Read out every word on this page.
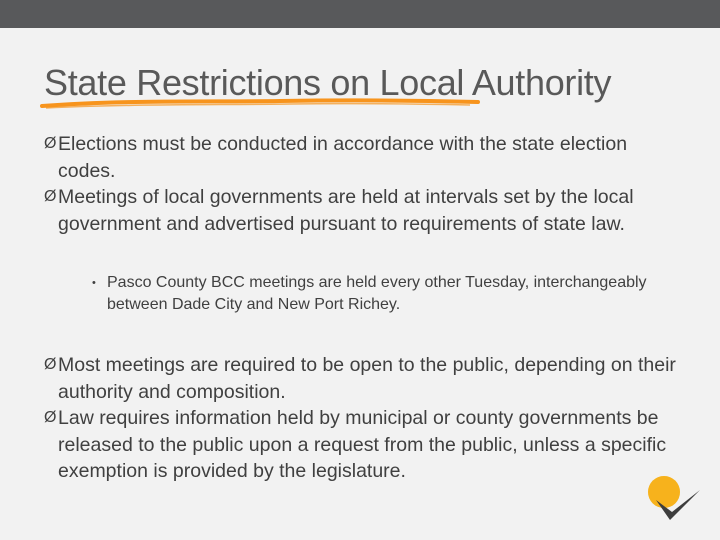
State Restrictions on Local Authority
Ø Elections must be conducted in accordance with the state election codes.
Ø Meetings of local governments are held at intervals set by the local government and advertised pursuant to requirements of state law.
• Pasco County BCC meetings are held every other Tuesday, interchangeably between Dade City and New Port Richey.
Ø Most meetings are required to be open to the public, depending on their authority and composition.
Ø Law requires information held by municipal or county governments be released to the public upon a request from the public, unless a specific exemption is provided by the legislature.
